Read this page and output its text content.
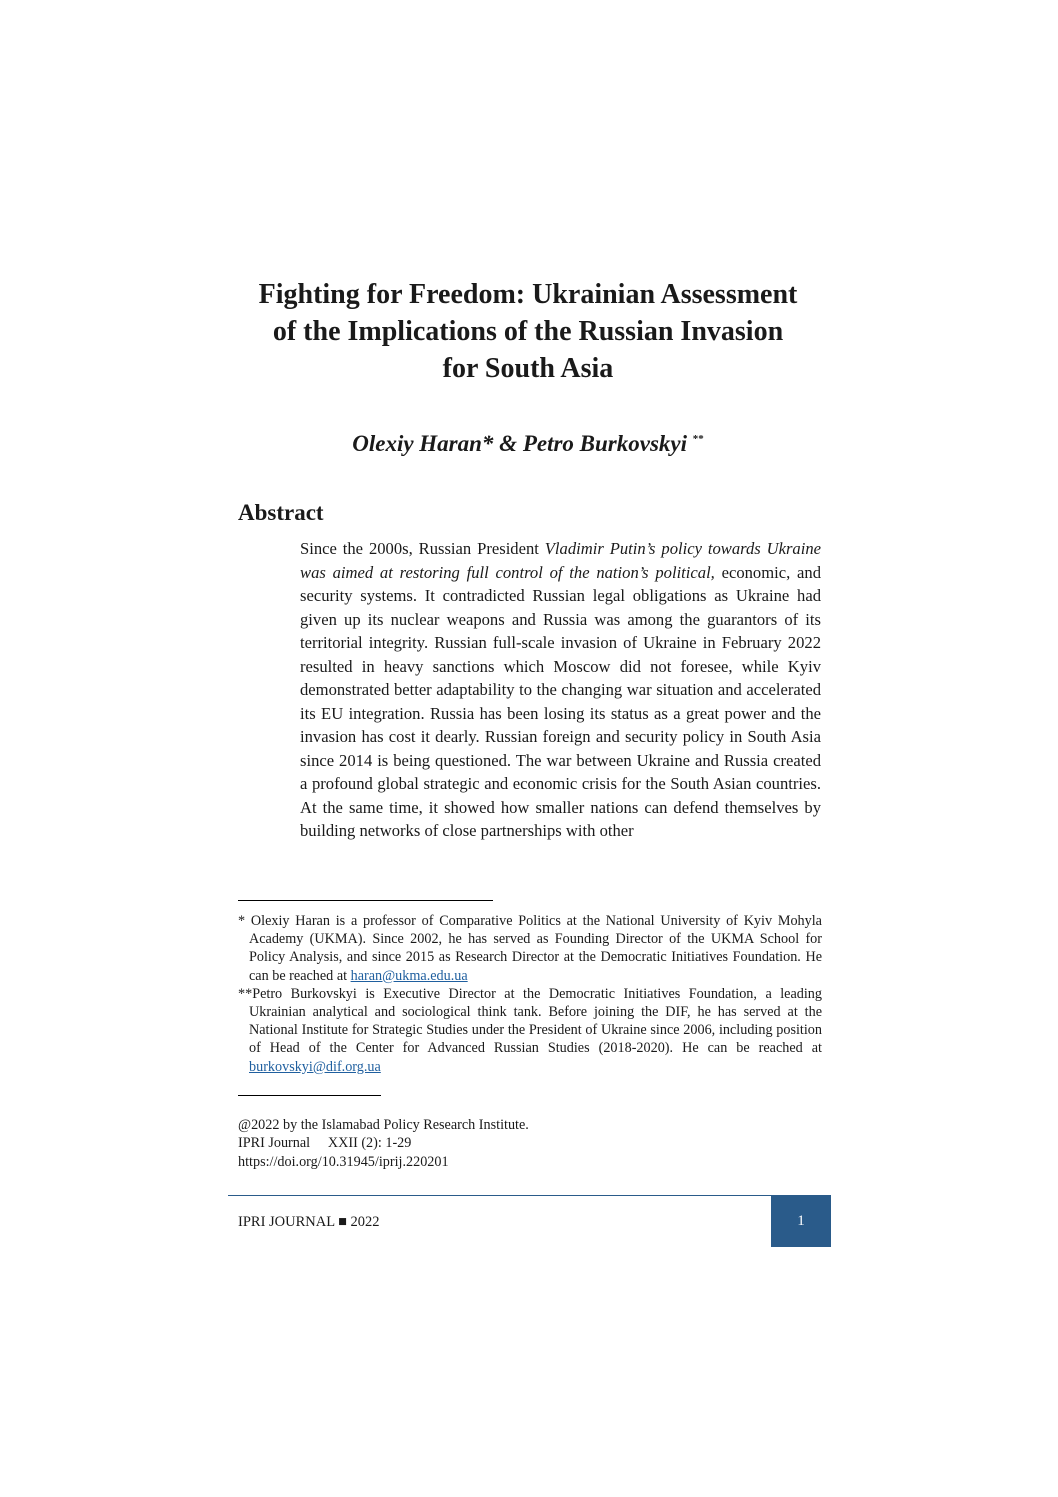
Fighting for Freedom: Ukrainian Assessment
of the Implications of the Russian Invasion
for South Asia
Olexiy Haran* & Petro Burkovskyi **
Abstract

Since the 2000s, Russian President Vladimir Putin’s policy towards Ukraine was aimed at restoring full control of the nation’s political, economic, and security systems. It contradicted Russian legal obligations as Ukraine had given up its nuclear weapons and Russia was among the guarantors of its territorial integrity. Russian full-scale invasion of Ukraine in February 2022 resulted in heavy sanctions which Moscow did not foresee, while Kyiv demonstrated better adaptability to the changing war situation and accelerated its EU integration. Russia has been losing its status as a great power and the invasion has cost it dearly. Russian foreign and security policy in South Asia since 2014 is being questioned. The war between Ukraine and Russia created a profound global strategic and economic crisis for the South Asian countries. At the same time, it showed how smaller nations can defend themselves by building networks of close partnerships with other

* Olexiy Haran is a professor of Comparative Politics at the National University of Kyiv Mohyla Academy (UKMA). Since 2002, he has served as Founding Director of the UKMA School for Policy Analysis, and since 2015 as Research Director at the Democratic Initiatives Foundation. He can be reached at haran@ukma.edu.ua

**Petro Burkovskyi is Executive Director at the Democratic Initiatives Foundation, a leading Ukrainian analytical and sociological think tank. Before joining the DIF, he has served at the National Institute for Strategic Studies under the President of Ukraine since 2006, including position of Head of the Center for Advanced Russian Studies (2018-2020). He can be reached at burkovskyi@dif.org.ua

@2022 by the Islamabad Policy Research Institute.
IPRI Journal     XXII (2): 1-29
https://doi.org/10.31945/iprij.220201
IPRI JOURNAL ■ 2022	1
